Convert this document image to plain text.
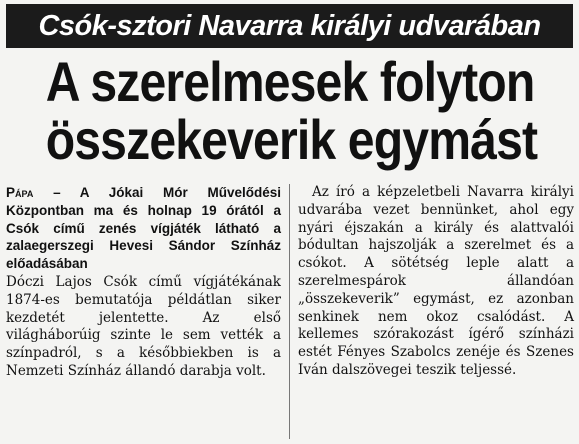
Csók-sztori Navarra királyi udvarában
A szerelmesek folyton
összekeverik egymást

Pápa – A Jókai Mór Művelődési Központban ma és holnap 19 órától a Csók című zenés vígjáték látható a zalaegerszegi Hevesi Sándor Színház előadásában

Dóczi Lajos Csók című vígjátékának 1874-es bemutatója példátlan siker kezdetét jelentette. Az első világháborúig szinte le sem vették a színpadról, s a későbbiekben is a Nemzeti Színház állandó darabja volt.

Az író a képzeletbeli Navarra királyi udvarába vezet bennünket, ahol egy nyári éjszakán a király és alattvalói bódultan hajszolják a szerelmet és a csókot. A sötétség leple alatt a szerelmespárok állandóan „összekeverik” egymást, ez azonban senkinek nem okoz csalódást. A kellemes szórakozást ígérő színházi estét Fényes Szabolcs zenéje és Szenes Iván dalszövegei teszik teljessé.
